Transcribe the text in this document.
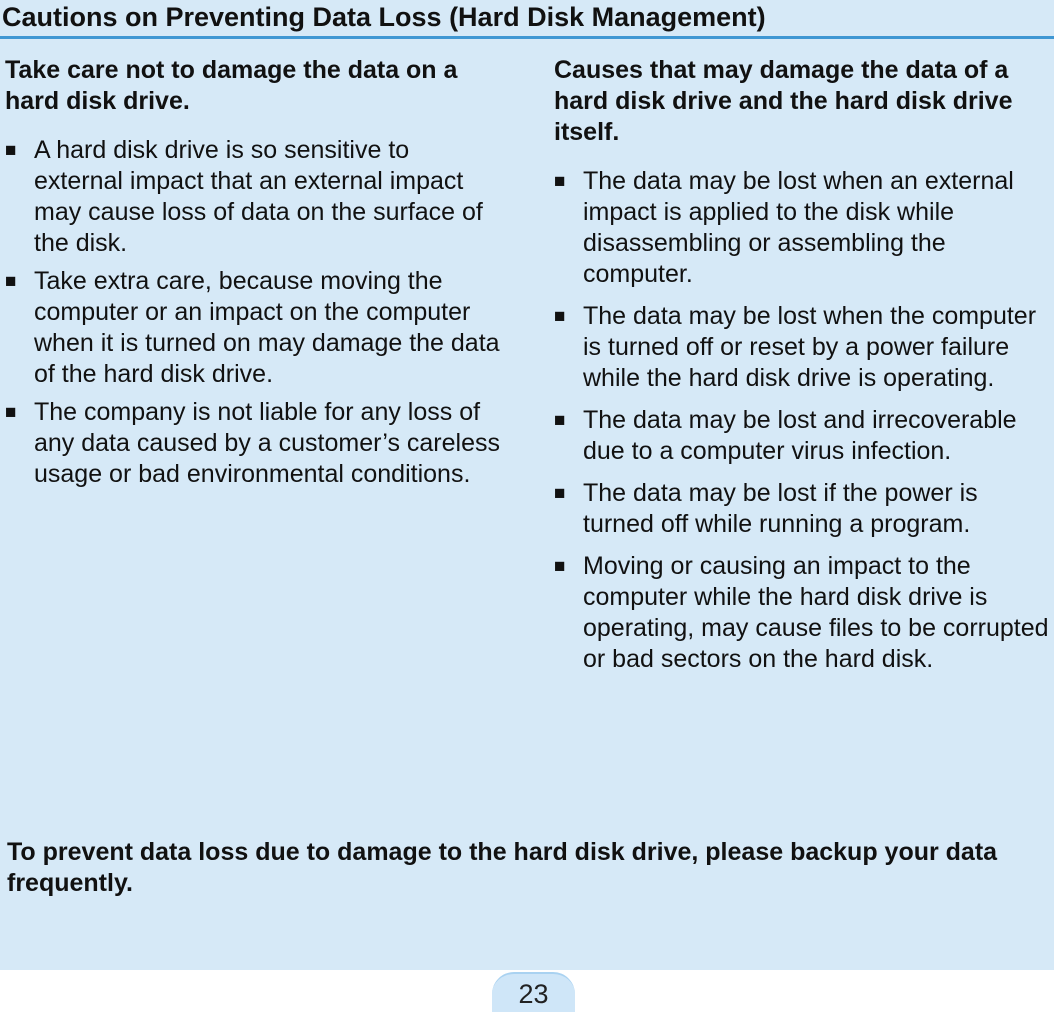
Cautions on Preventing Data Loss (Hard Disk Management)
Take care not to damage the data on a hard disk drive.
■ A hard disk drive is so sensitive to external impact that an external impact may cause loss of data on the surface of the disk.
■ Take extra care, because moving the computer or an impact on the computer when it is turned on may damage the data of the hard disk drive.
■ The company is not liable for any loss of any data caused by a customer’s careless usage or bad environmental conditions.
Causes that may damage the data of a hard disk drive and the hard disk drive itself.
■ The data may be lost when an external impact is applied to the disk while disassembling or assembling the computer.
■ The data may be lost when the computer is turned off or reset by a power failure while the hard disk drive is operating.
■ The data may be lost and irrecoverable due to a computer virus infection.
■ The data may be lost if the power is turned off while running a program.
■ Moving or causing an impact to the computer while the hard disk drive is operating, may cause files to be corrupted or bad sectors on the hard disk.
To prevent data loss due to damage to the hard disk drive, please backup your data frequently.
23
